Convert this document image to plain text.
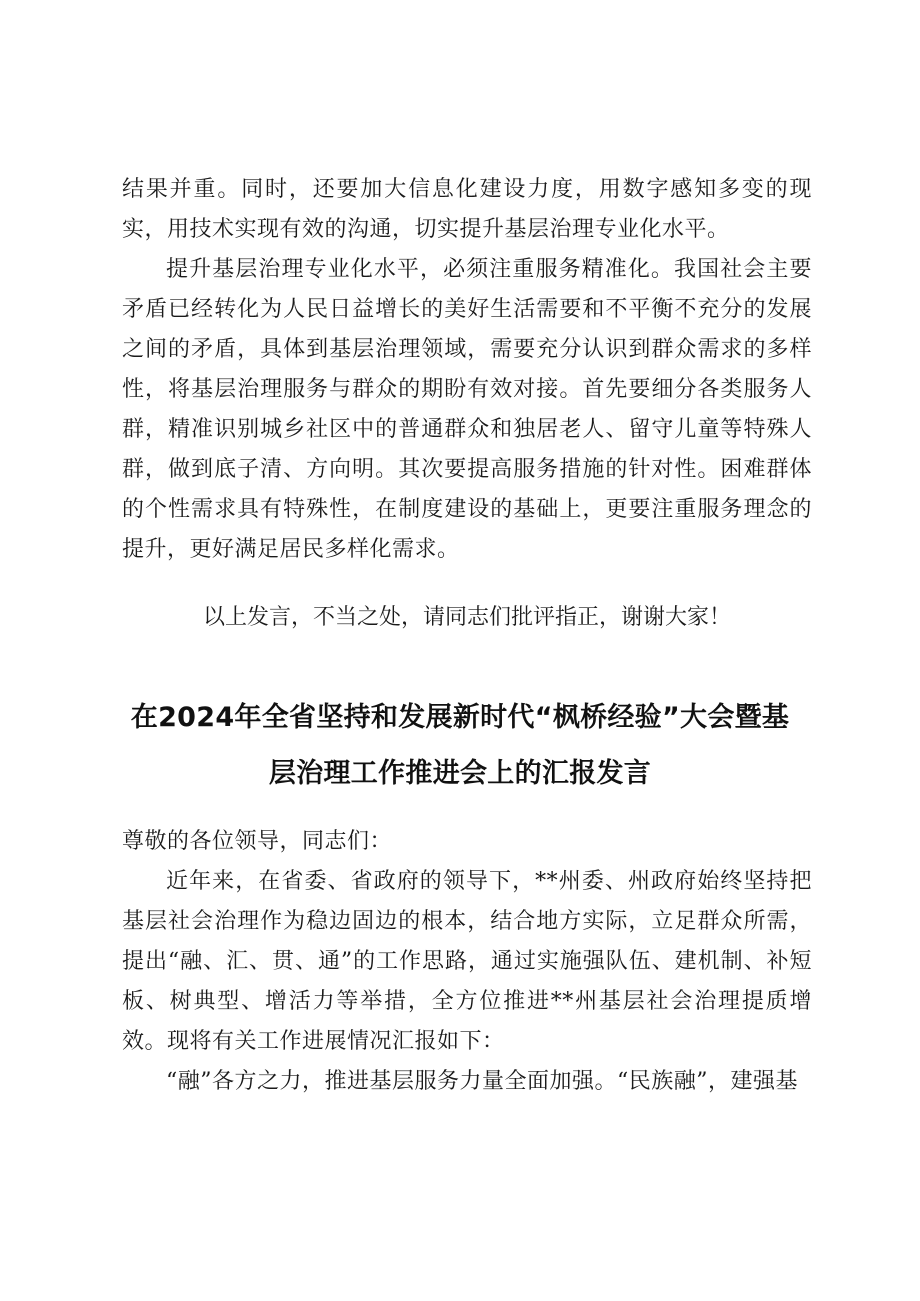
结果并重。同时，还要加大信息化建设力度，用数字感知多变的现实，用技术实现有效的沟通，切实提升基层治理专业化水平。

提升基层治理专业化水平，必须注重服务精准化。我国社会主要矛盾已经转化为人民日益增长的美好生活需要和不平衡不充分的发展之间的矛盾，具体到基层治理领域，需要充分认识到群众需求的多样性，将基层治理服务与群众的期盼有效对接。首先要细分各类服务人群，精准识别城乡社区中的普通群众和独居老人、留守儿童等特殊人群，做到底子清、方向明。其次要提高服务措施的针对性。困难群体的个性需求具有特殊性，在制度建设的基础上，更要注重服务理念的提升，更好满足居民多样化需求。

以上发言，不当之处，请同志们批评指正，谢谢大家！
在2024年全省坚持和发展新时代“枫桥经验”大会暨基
层治理工作推进会上的汇报发言

尊敬的各位领导，同志们：

近年来，在省委、省政府的领导下，**州委、州政府始终坚持把基层社会治理作为稳边固边的根本，结合地方实际，立足群众所需，提出“融、汇、贯、通”的工作思路，通过实施强队伍、建机制、补短板、树典型、增活力等举措，全方位推进**州基层社会治理提质增效。现将有关工作进展情况汇报如下：

“融”各方之力，推进基层服务力量全面加强。“民族融”，建强基
